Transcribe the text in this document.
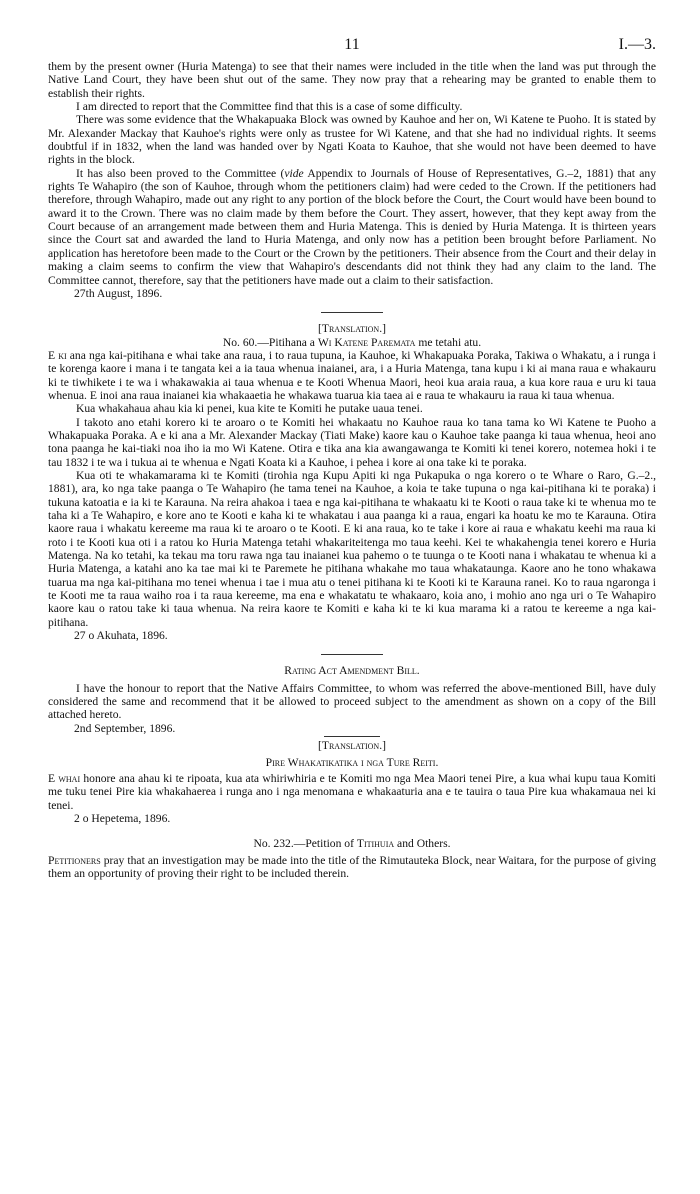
11	I.—3.

them by the present owner (Huria Matenga) to see that their names were included in the title when the land was put through the Native Land Court, they have been shut out of the same. They now pray that a rehearing may be granted to enable them to establish their rights.

I am directed to report that the Committee find that this is a case of some difficulty.

There was some evidence that the Whakapuaka Block was owned by Kauhoe and her on, Wi Katene te Puoho. It is stated by Mr. Alexander Mackay that Kauhoe's rights were only as trustee for Wi Katene, and that she had no individual rights. It seems doubtful if in 1832, when the land was handed over by Ngati Koata to Kauhoe, that she would not have been deemed to have rights in the block.

It has also been proved to the Committee (vide Appendix to Journals of House of Representatives, G.–2, 1881) that any rights Te Wahapiro (the son of Kauhoe, through whom the petitioners claim) had were ceded to the Crown. If the petitioners had therefore, through Wahapiro, made out any right to any portion of the block before the Court, the Court would have been bound to award it to the Crown. There was no claim made by them before the Court. They assert, however, that they kept away from the Court because of an arrangement made between them and Huria Matenga. This is denied by Huria Matenga. It is thirteen years since the Court sat and awarded the land to Huria Matenga, and only now has a petition been brought before Parliament. No application has heretofore been made to the Court or the Crown by the petitioners. Their absence from the Court and their delay in making a claim seems to confirm the view that Wahapiro's descendants did not think they had any claim to the land. The Committee cannot, therefore, say that the petitioners have made out a claim to their satisfaction.

27th August, 1896.

[Translation.]

No. 60.—Pitihana a Wi Katene Paremata me tetahi atu.

E ki ana nga kai-pitihana e whai take ana raua, i to raua tupuna, ia Kauhoe, ki Whakapuaka Poraka, Takiwa o Whakatu, a i runga i te korenga kaore i mana i te tangata kei a ia taua whenua inaianei, ara, i a Huria Matenga, tana kupu i ki ai mana raua e whakauru ki te tiwhikete i te wa i whakawakia ai taua whenua e te Kooti Whenua Maori, heoi kua araia raua, a kua kore raua e uru ki taua whenua. E inoi ana raua inaianei kia whakaaetia he whakawa tuarua kia taea ai e raua te whakauru ia raua ki taua whenua.

Kua whakahaua ahau kia ki penei, kua kite te Komiti he putake uaua tenei.

I takoto ano etahi korero ki te aroaro o te Komiti hei whakaatu no Kauhoe raua ko tana tama ko Wi Katene te Puoho a Whakapuaka Poraka. A e ki ana a Mr. Alexander Mackay (Tiati Make) kaore kau o Kauhoe take paanga ki taua whenua, heoi ano tona paanga he kai-tiaki noa iho ia mo Wi Katene. Otira e tika ana kia awangawanga te Komiti ki tenei korero, notemea hoki i te tau 1832 i te wa i tukua ai te whenua e Ngati Koata ki a Kauhoe, i pehea i kore ai ona take ki te poraka.

Kua oti te whakamarama ki te Komiti (tirohia nga Kupu Apiti ki nga Pukapuka o nga korero o te Whare o Raro, G.–2., 1881), ara, ko nga take paanga o Te Wahapiro (he tama tenei na Kauhoe, a koia te take tupuna o nga kai-pitihana ki te poraka) i tukuna katoatia e ia ki te Karauna. Na reira ahakoa i taea e nga kai-pitihana te whakaatu ki te Kooti o raua take ki te whenua mo te taha ki a Te Wahapiro, e kore ano te Kooti e kaha ki te whakatau i aua paanga ki a raua, engari ka hoatu ke mo te Karauna. Otira kaore raua i whakatu kereeme ma raua ki te aroaro o te Kooti. E ki ana raua, ko te take i kore ai raua e whakatu keehi ma raua ki roto i te Kooti kua oti i a ratou ko Huria Matenga tetahi whakariteitenga mo taua keehi. Kei te whakahengia tenei korero e Huria Matenga. Na ko tetahi, ka tekau ma toru rawa nga tau inaianei kua pahemo o te tuunga o te Kooti nana i whakatau te whenua ki a Huria Matenga, a katahi ano ka tae mai ki te Paremete he pitihana whakahe mo taua whakataunga. Kaore ano he tono whakawa tuarua ma nga kai-pitihana mo tenei whenua i tae i mua atu o tenei pitihana ki te Kooti ki te Karauna ranei. Ko to raua ngaronga i te Kooti me ta raua waiho roa i ta raua kereeme, ma ena e whakatatu te whakaaro, koia ano, i mohio ano nga uri o Te Wahapiro kaore kau o ratou take ki taua whenua. Na reira kaore te Komiti e kaha ki te ki kua marama ki a ratou te kereeme a nga kai-pitihana.

27 o Akuhata, 1896.

Rating Act Amendment Bill.

I have the honour to report that the Native Affairs Committee, to whom was referred the above-mentioned Bill, have duly considered the same and recommend that it be allowed to proceed subject to the amendment as shown on a copy of the Bill attached hereto.

2nd September, 1896.

[Translation.]

Pire Whakatikatika i nga Ture Reiti.

E whai honore ana ahau ki te ripoata, kua ata whiriwhiria e te Komiti mo nga Mea Maori tenei Pire, a kua whai kupu taua Komiti me tuku tenei Pire kia whakahaerea i runga ano i nga menomana e whakaaturia ana e te tauira o taua Pire kua whakamaua nei ki tenei.

2 o Hepetema, 1896.

No. 232.—Petition of Titihuia and Others.

Petitioners pray that an investigation may be made into the title of the Rimutauteka Block, near Waitara, for the purpose of giving them an opportunity of proving their right to be included therein.
